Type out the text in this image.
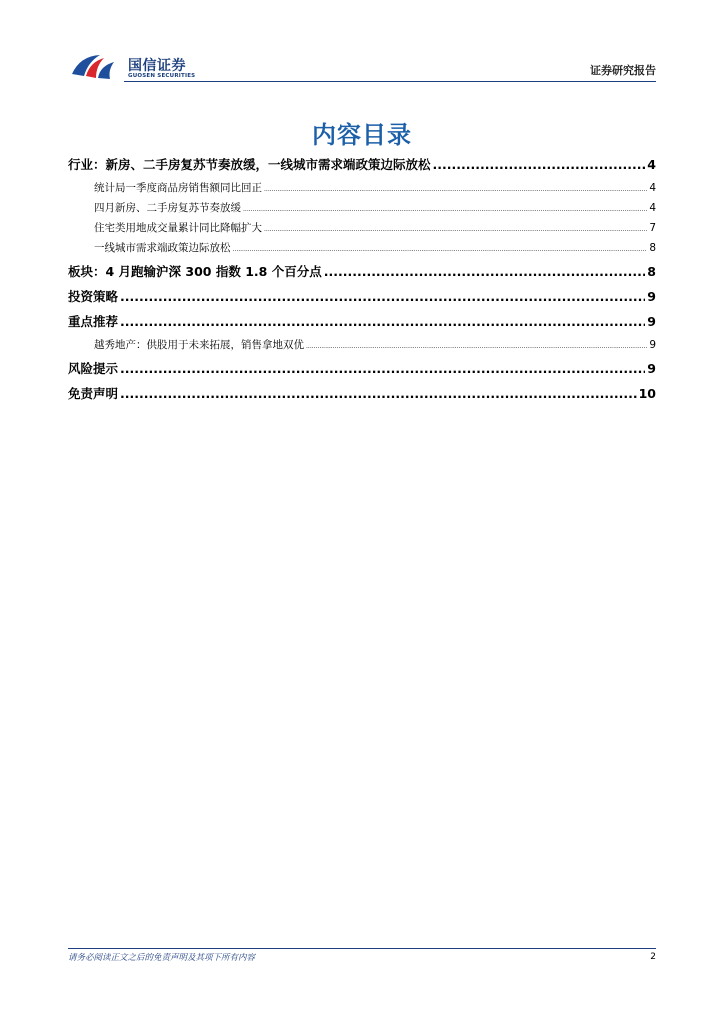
国信证券
GUOSEN SECURITIES	证券研究报告
内容目录
行业：新房、二手房复苏节奏放缓，一线城市需求端政策边际放松 .....	4
统计局一季度商品房销售额同比回正 .....	4
四月新房、二手房复苏节奏放缓 .....	4
住宅类用地成交量累计同比降幅扩大 .....	7
一线城市需求端政策边际放松 .....	8
板块：4 月跑输沪深 300 指数 1.8 个百分点 .....	8
投资策略 .....	9
重点推荐 .....	9
越秀地产：供股用于未来拓展，销售拿地双优 .....	9
风险提示 .....	9
免责声明 .....	10
请务必阅读正文之后的免责声明及其项下所有内容	2
